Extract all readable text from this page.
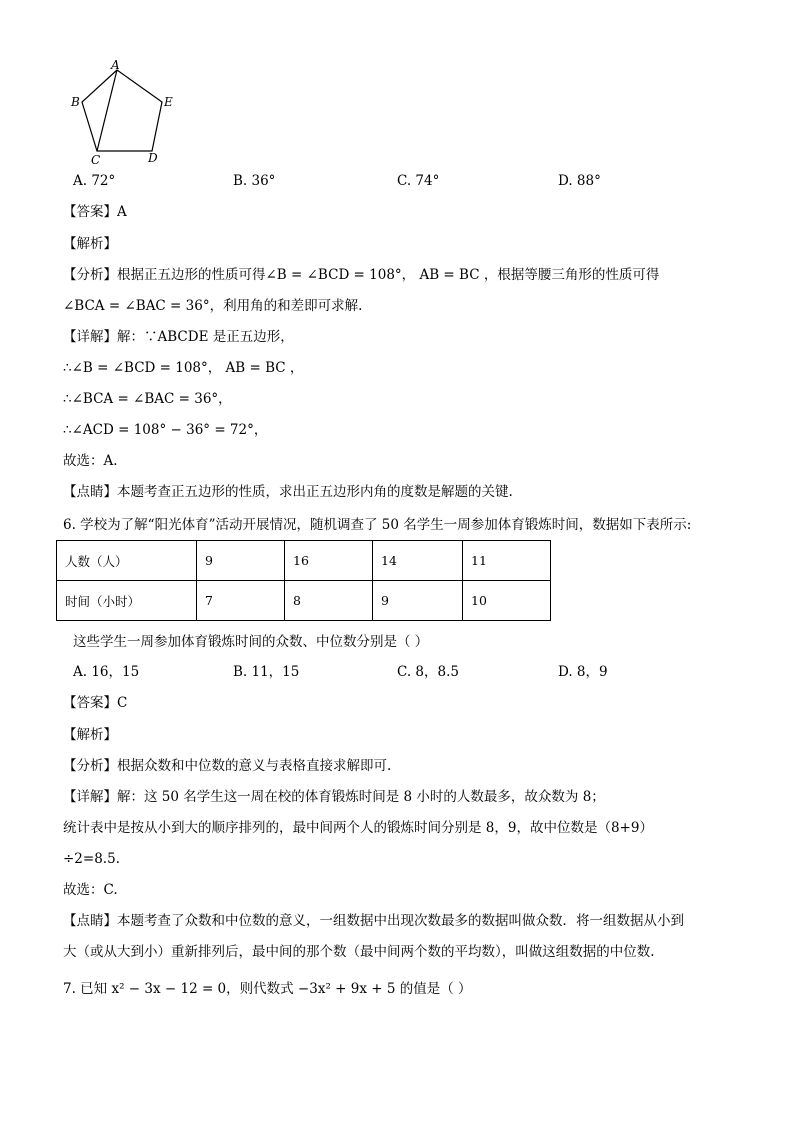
A
B
C	D
E
A. 72°	B. 36°	C. 74°	D. 88°
【答案】A
【解析】
【分析】根据正五边形的性质可得∠B = ∠BCD = 108°， AB = BC ，根据等腰三角形的性质可得
∠BCA = ∠BAC = 36°，利用角的和差即可求解.
【详解】解：∵ABCDE 是正五边形，
∴∠B = ∠BCD = 108°， AB = BC ，
∴∠BCA = ∠BAC = 36°，
∴∠ACD = 108° − 36° = 72°，
故选：A.
【点睛】本题考查正五边形的性质，求出正五边形内角的度数是解题的关键.
6. 学校为了解“阳光体育”活动开展情况，随机调查了 50 名学生一周参加体育锻炼时间，数据如下表所示:
人数（人）	9	16	14	11
时间（小时）	7	8	9	10
这些学生一周参加体育锻炼时间的众数、中位数分别是（ ）
A. 16，15	B. 11，15	C. 8，8.5	D. 8，9
【答案】C
【解析】
【分析】根据众数和中位数的意义与表格直接求解即可.
【详解】解：这 50 名学生这一周在校的体育锻炼时间是 8 小时的人数最多，故众数为 8；
统计表中是按从小到大的顺序排列的，最中间两个人的锻炼时间分别是 8，9，故中位数是（8+9）
÷2=8.5.
故选：C.
【点睛】本题考查了众数和中位数的意义，一组数据中出现次数最多的数据叫做众数．将一组数据从小到
大（或从大到小）重新排列后，最中间的那个数（最中间两个数的平均数），叫做这组数据的中位数.
7. 已知 x² − 3x − 12 = 0，则代数式 −3x² + 9x + 5 的值是（ ）
